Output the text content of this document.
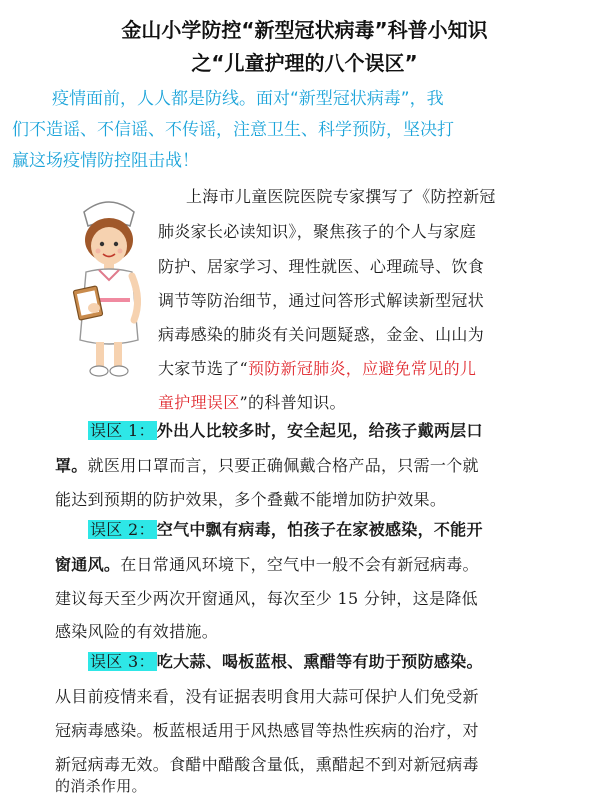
金山小学防控“新型冠状病毒”科普小知识
之“儿童护理的八个误区”
疫情面前，人人都是防线。面对“新型冠状病毒”，我
们不造谣、不信谣、不传谣，注意卫生、科学预防，坚决打
赢这场疫情防控阻击战！
上海市儿童医院医院专家撰写了《防控新冠
肺炎家长必读知识》，聚焦孩子的个人与家庭
防护、居家学习、理性就医、心理疏导、饮食
调节等防治细节，通过问答形式解读新型冠状
病毒感染的肺炎有关问题疑惑，金金、山山为
大家节选了“预防新冠肺炎，应避免常见的儿
童护理误区”的科普知识。
误区 1： 外出人比较多时，安全起见，给孩子戴两层口
罩。就医用口罩而言，只要正确佩戴合格产品，只需一个就
能达到预期的防护效果，多个叠戴不能增加防护效果。
误区 2： 空气中飘有病毒，怕孩子在家被感染，不能开
窗通风。在日常通风环境下，空气中一般不会有新冠病毒。
建议每天至少两次开窗通风，每次至少 15 分钟，这是降低
感染风险的有效措施。
误区 3： 吃大蒜、喝板蓝根、熏醋等有助于预防感染。
从目前疫情来看，没有证据表明食用大蒜可保护人们免受新
冠病毒感染。板蓝根适用于风热感冒等热性疾病的治疗，对
新冠病毒无效。食醋中醋酸含量低，熏醋起不到对新冠病毒
的消杀作用。
